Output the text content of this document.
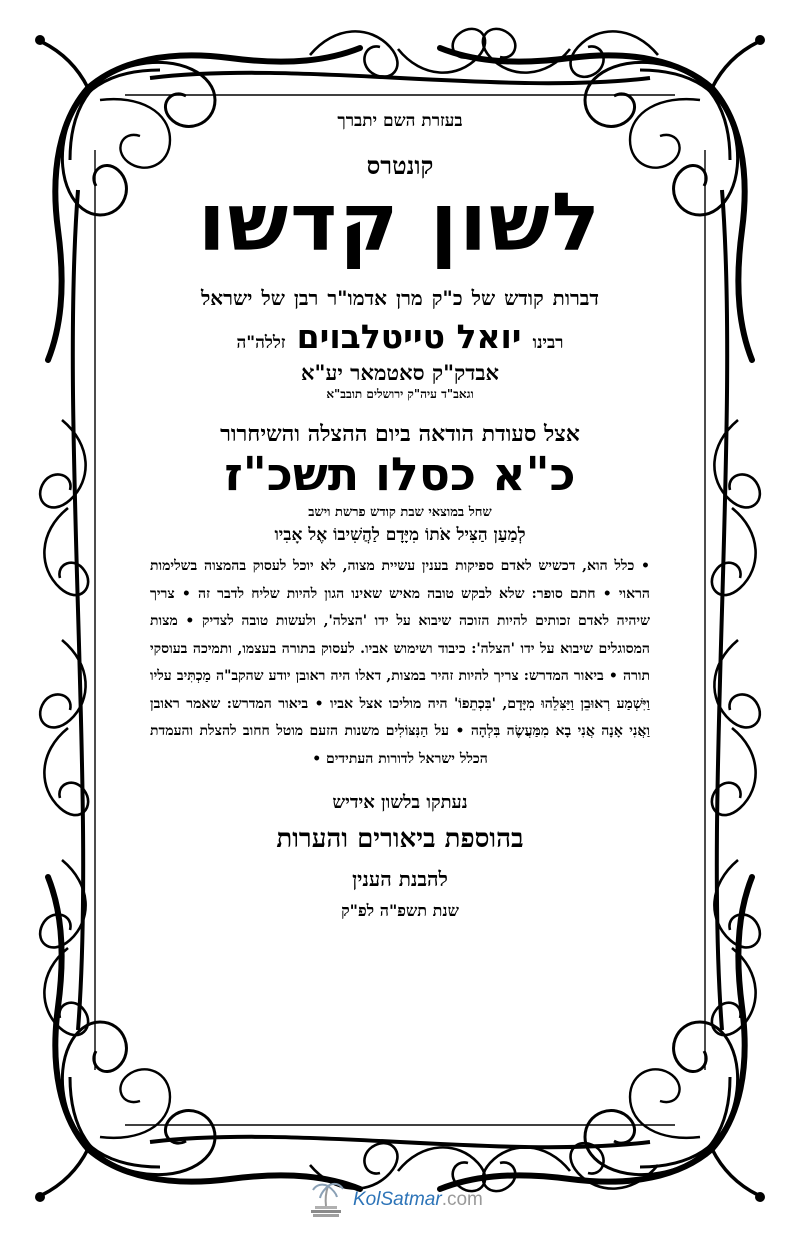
בעזרת השם יתברך

קונטרס

לשון קדשו

דברות קודש של כ"ק מרן אדמו"ר רבן של ישראל

רבינו יואל טייטלבוים זללה"ה

אבדק"ק סאטמאר יע"א

וגאב"ד עיה"ק ירושלים תובב"א

אצל סעודת הודאה ביום ההצלה והשיחרור

כ"א כסלו תשכ"ז

שחל במוצאי שבת קודש פרשת וישב

לְמַעַן הַצִּיל אֹתוֹ מִיָּדָם לַהֲשִׁיבוֹ אֶל אָבִיו

• כלל הוא, דכשיש לאדם ספיקות בענין עשיית מצוה, לא יוכל לעסוק בהמצוה בשלימות הראוי • חתם סופר: שלא לבקש טובה מאיש שאינו הגון להיות שליח לדבר זה • צריך שיהיה לאדם זכותים להיות הזוכה שיבוא על ידו 'הצלה', ולעשות טובה לצדיק • מצות המסוגלים שיבוא על ידו 'הצלה': כיבוד ושימוש אביו. לעסוק בתורה בעצמו, ותמיכה בעוסקי תורה • ביאור המדרש: צריך להיות זהיר במצות, דאלו היה ראובן יודע שהקב"ה מַכְתִּיב עליו וַיִּשְׁמַע רְאוּבֵן וַיַּצִּלֵהוּ מִיָּדָם, 'בִּכְתֵפוֹ' היה מוליכו אצל אביו • ביאור המדרש: שאמר ראובן וַאֲנִי אָנָה אֲנִי בָא מִמַּעֲשֶׂה בִּלְהָה • על הַנִּצּוֹלִים משנות הזעם מוטל חחוב להצלת והעמדת הכלל ישראל לדורות העתידים •

נעתקו בלשון אידיש

בהוספת ביאורים והערות

להבנת הענין

שנת תשפ"ה לפ"ק

KolSatmar.com
